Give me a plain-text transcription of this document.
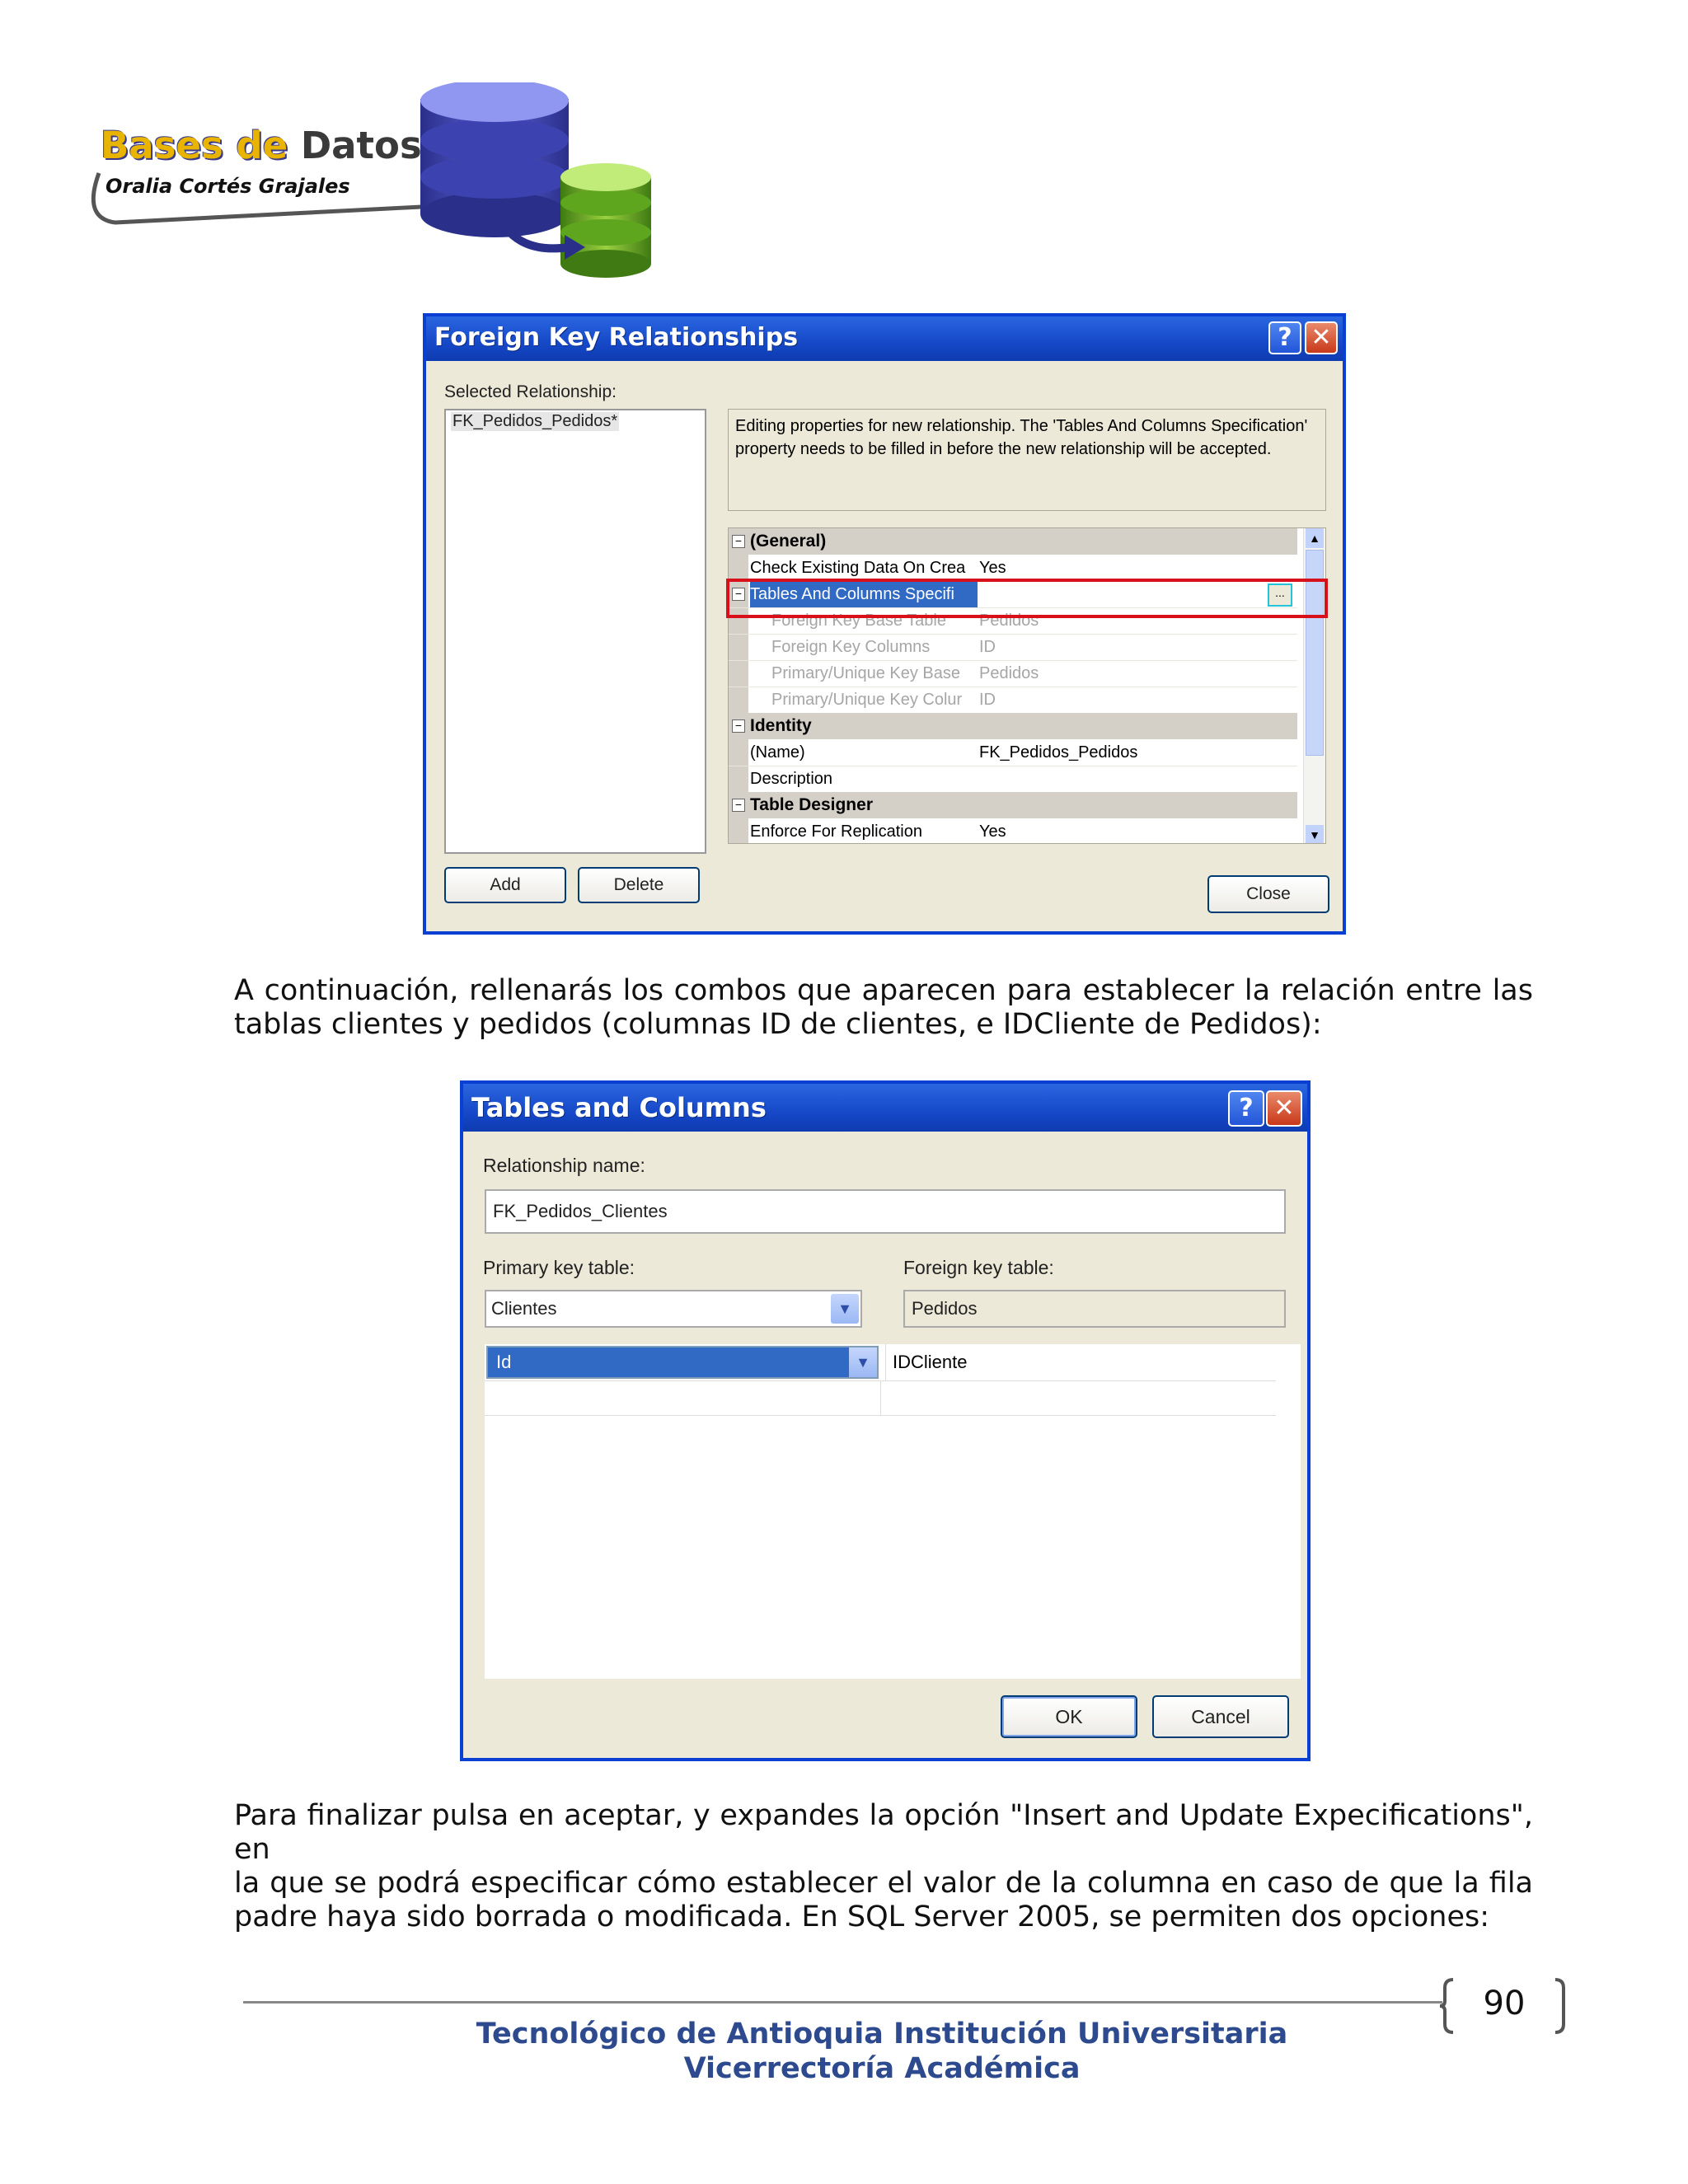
Bases de Datos
Oralia Cortés Grajales
Foreign Key Relationships	? ✕
Selected Relationship:
FK_Pedidos_Pedidos*	Editing properties for new relationship. The 'Tables And Columns Specification' property needs to be filled in before the new relationship will be accepted.
− (General)
Check Existing Data On Crea Yes
− Tables And Columns Specifi	...
Foreign Key Base Table	Pedidos
Foreign Key Columns	ID
Primary/Unique Key Base	Pedidos
Primary/Unique Key Colur	ID
− Identity
(Name)	FK_Pedidos_Pedidos
Description
− Table Designer
Enforce For Replication	Yes
▲
▼
Add	Delete	Close
A continuación, rellenarás los combos que aparecen para establecer la relación entre las
tablas clientes y pedidos (columnas ID de clientes, e IDCliente de Pedidos):
Tables and Columns	? ✕
Relationship name:
FK_Pedidos_Clientes
Primary key table:
Clientes	▼
Foreign key table:
Pedidos
Id	▼	IDCliente
OK	Cancel
Para finalizar pulsa en aceptar, y expandes la opción "Insert and Update Expecifications", en
la que se podrá especificar cómo establecer el valor de la columna en caso de que la fila
padre haya sido borrada o modificada. En SQL Server 2005, se permiten dos opciones:
90
Tecnológico de Antioquia Institución Universitaria
Vicerrectoría Académica
